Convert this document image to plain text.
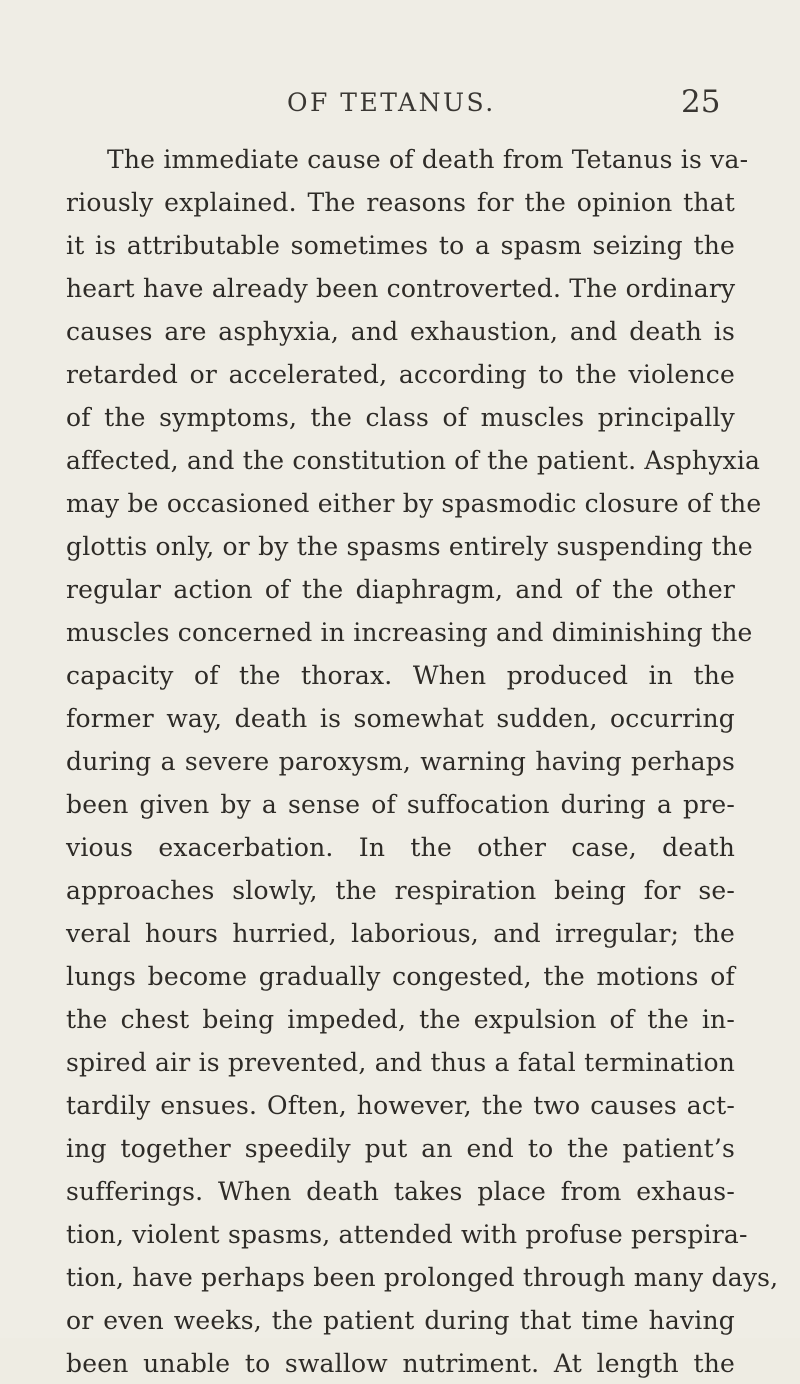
OF TETANUS.	25
The immediate cause of death from Tetanus is va-
riously explained. The reasons for the opinion that
it is attributable sometimes to a spasm seizing the
heart have already been controverted. The ordinary
causes are asphyxia, and exhaustion, and death is
retarded or accelerated, according to the violence
of the symptoms, the class of muscles principally
affected, and the constitution of the patient. Asphyxia
may be occasioned either by spasmodic closure of the
glottis only, or by the spasms entirely suspending the
regular action of the diaphragm, and of the other
muscles concerned in increasing and diminishing the
capacity of the thorax. When produced in the
former way, death is somewhat sudden, occurring
during a severe paroxysm, warning having perhaps
been given by a sense of suffocation during a pre-
vious exacerbation. In the other case, death
approaches slowly, the respiration being for se-
veral hours hurried, laborious, and irregular; the
lungs become gradually congested, the motions of
the chest being impeded, the expulsion of the in-
spired air is prevented, and thus a fatal termination
tardily ensues. Often, however, the two causes act-
ing together speedily put an end to the patient’s
sufferings. When death takes place from exhaus-
tion, violent spasms, attended with profuse perspira-
tion, have perhaps been prolonged through many days,
or even weeks, the patient during that time having
been unable to swallow nutriment. At length the
